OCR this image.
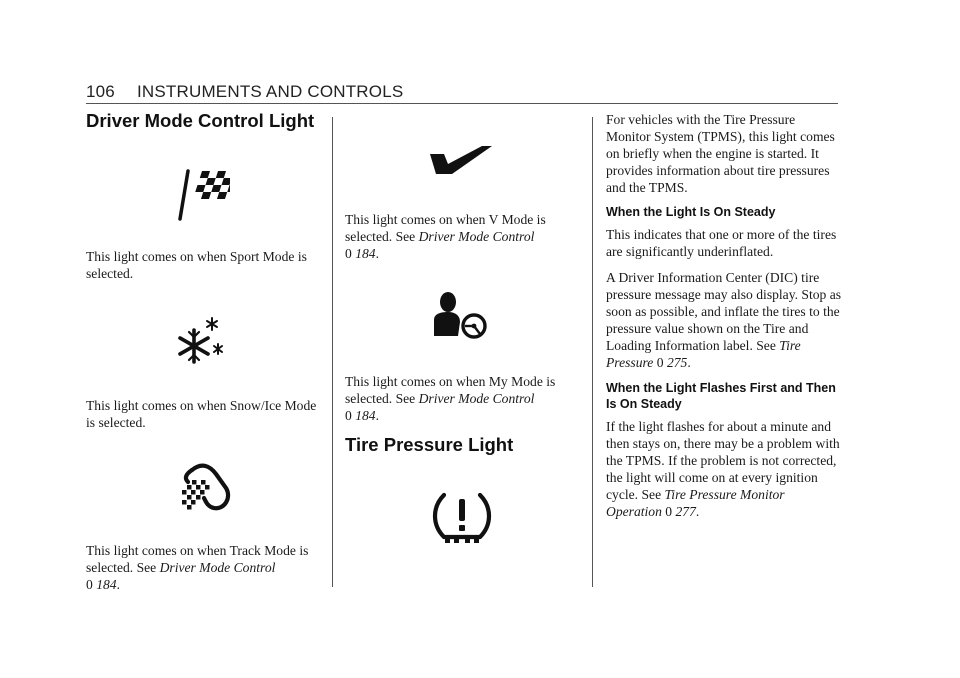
106 INSTRUMENTS AND CONTROLS
Driver Mode Control Light

This light comes on when Sport Mode is selected.

This light comes on when Snow/Ice Mode is selected.

This light comes on when Track Mode is selected. See Driver Mode Control
0 184.

This light comes on when V Mode is selected. See Driver Mode Control
0 184.

This light comes on when My Mode is selected. See Driver Mode Control
0 184.

Tire Pressure Light

For vehicles with the Tire Pressure Monitor System (TPMS), this light comes on briefly when the engine is started. It provides information about tire pressures and the TPMS.

When the Light Is On Steady

This indicates that one or more of the tires are significantly underinflated.

A Driver Information Center (DIC) tire pressure message may also display. Stop as soon as possible, and inflate the tires to the pressure value shown on the Tire and Loading Information label. See Tire Pressure 0 275.

When the Light Flashes First and Then Is On Steady

If the light flashes for about a minute and then stays on, there may be a problem with the TPMS. If the problem is not corrected, the light will come on at every ignition cycle. See Tire Pressure Monitor Operation 0 277.
